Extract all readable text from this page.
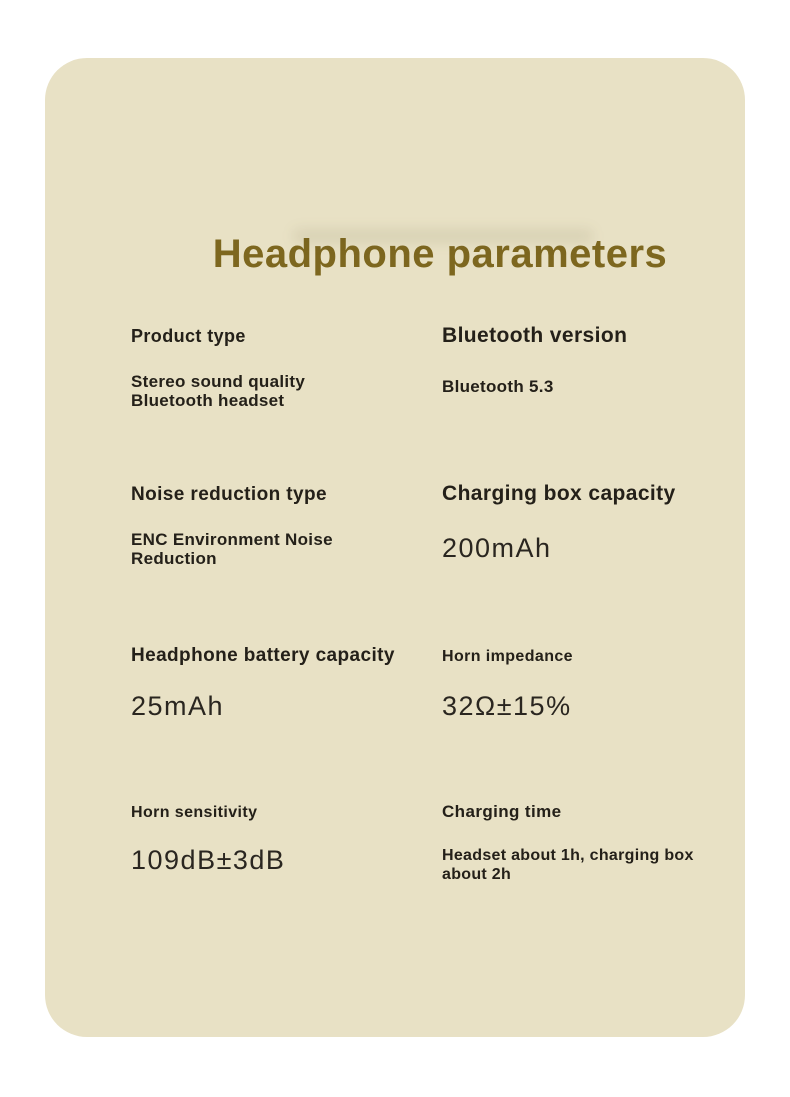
Headphone parameters
Product type
Stereo sound quality Bluetooth headset
Bluetooth version
Bluetooth 5.3
Noise reduction type
ENC Environment Noise Reduction
Charging box capacity
200mAh
Headphone battery capacity
25mAh
Horn impedance
32Ω±15%
Horn sensitivity
109dB±3dB
Charging time
Headset about 1h, charging box about 2h
